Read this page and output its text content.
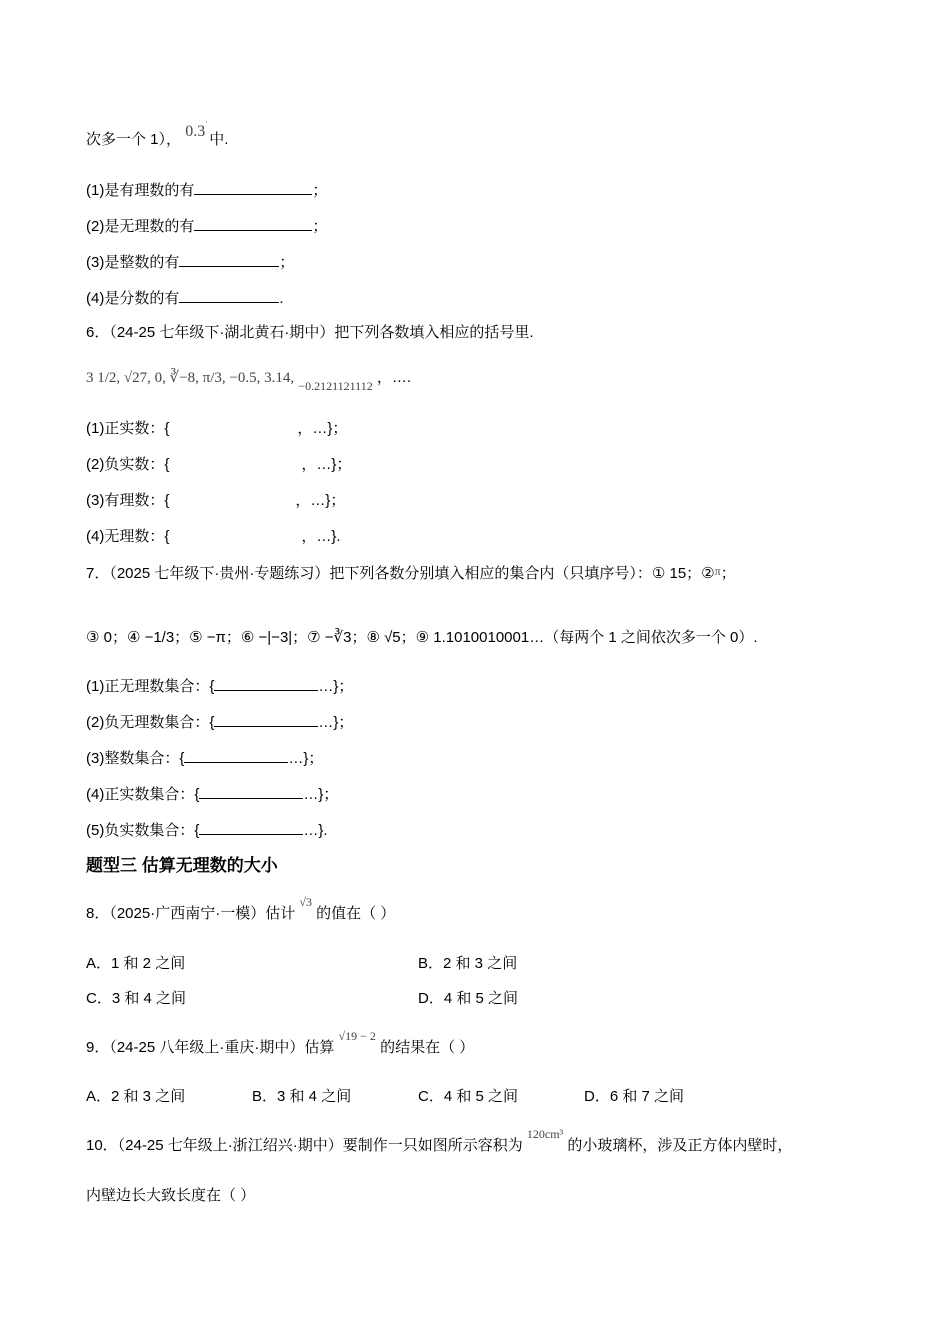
次多一个 1）， 0.3
·
中.
(1)是有理数的有	；
(2)是无理数的有	；
(3)是整数的有	；
(4)是分数的有	.
6．（24-25 七年级下·湖北黄石·期中）把下列各数填入相应的括号里.
3 1/2, √27, 0, ∛−8, π/3, −0.5, 3.14, $_{-0.2121121112}$ ，….
(1)正实数：{	，…}；
(2)负实数：{	，…}；
(3)有理数：{	，…}；
(4)无理数：{	，…}.
7．（2025 七年级下·贵州·专题练习）把下列各数分别填入相应的集合内（只填序号）：① 15；②$^\pi$；
③ 0；④ −1/3；⑤ −π；⑥ −|−3|；⑦ −∛3；⑧ √5；⑨ 1.1010010001…（每两个 1 之间依次多一个 0）.
(1)正无理数集合：{	…}；
(2)负无理数集合：{	…}；
(3)整数集合：{	…}；
(4)正实数集合：{	…}；
(5)负实数集合：{	…}.
题型三 估算无理数的大小
8．（2025·广西南宁·一模）估计 $^{√3}$ 的值在（ ）
A．1 和 2 之间	B．2 和 3 之间
C．3 和 4 之间	D．4 和 5 之间
9．（24-25 八年级上·重庆·期中）估算 $^{√19 - 2}$ 的结果在（ ）
A．2 和 3 之间	B．3 和 4 之间	C．4 和 5 之间	D．6 和 7 之间
10．（24-25 七年级上·浙江绍兴·期中）要制作一只如图所示容积为 $^{120cm^3}$ 的小玻璃杯，涉及正方体内壁时，
内壁边长大致长度在（ ）
